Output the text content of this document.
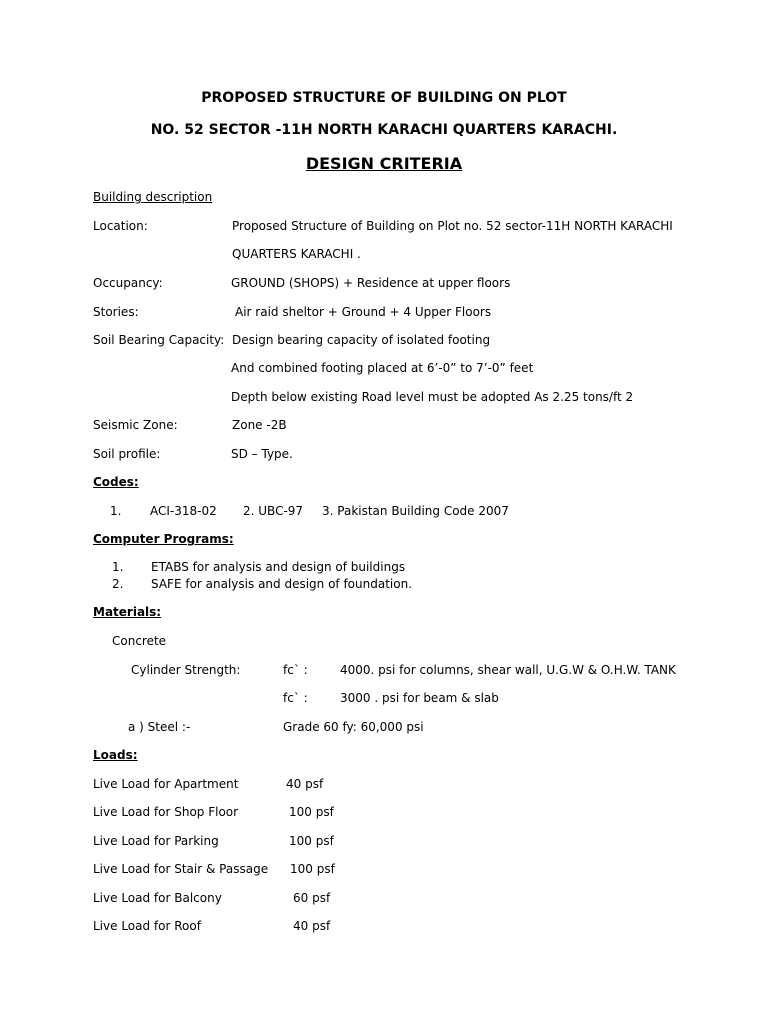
PROPOSED STRUCTURE OF BUILDING ON PLOT
NO. 52 SECTOR -11H NORTH KARACHI QUARTERS KARACHI.
DESIGN CRITERIA
Building description
Location:	Proposed Structure of Building on Plot no. 52 sector-11H NORTH KARACHI
QUARTERS KARACHI .
Occupancy:	GROUND (SHOPS) + Residence at upper floors
Stories:	Air raid sheltor + Ground + 4 Upper Floors
Soil Bearing Capacity: Design bearing capacity of isolated footing
And combined footing placed at 6’-0” to 7’-0” feet
Depth below existing Road level must be adopted As 2.25 tons/ft 2
Seismic Zone:	Zone -2B
Soil profile:	SD – Type.
Codes:
1. ACI-318-02 2. UBC-97 3. Pakistan Building Code 2007
Computer Programs:
1. ETABS for analysis and design of buildings
2. SAFE for analysis and design of foundation.
Materials:
Concrete
Cylinder Strength:	fc` :	4000. psi for columns, shear wall, U.G.W & O.H.W. TANK
fc` :	3000 . psi for beam & slab
a ) Steel :-	Grade 60 fy: 60,000 psi
Loads:
Live Load for Apartment	40 psf
Live Load for Shop Floor	100 psf
Live Load for Parking	100 psf
Live Load for Stair & Passage 100 psf
Live Load for Balcony	60 psf
Live Load for Roof	40 psf
